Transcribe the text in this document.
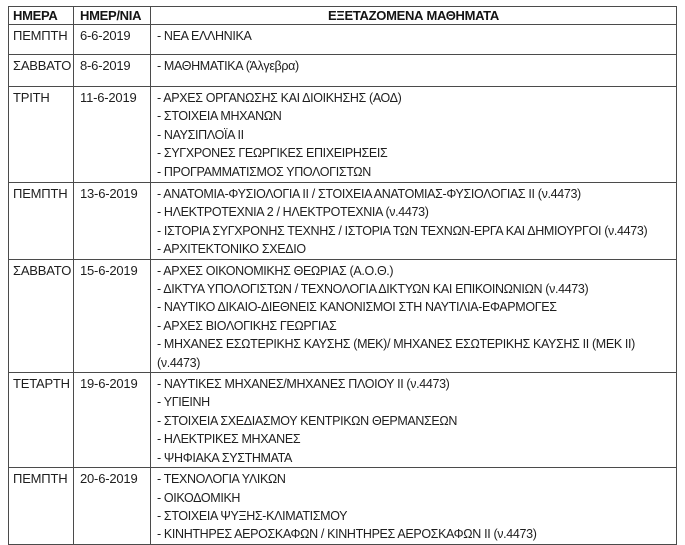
ΗΜΕΡΑ	ΗΜΕΡ/ΝΙΑ	ΕΞΕΤΑΖΟΜΕΝΑ ΜΑΘΗΜΑΤΑ
ΠΕΜΠΤΗ	6-6-2019	- ΝΕΑ ΕΛΛΗΝΙΚΑ

ΣΑΒΒΑΤΟ	8-6-2019	- ΜΑΘΗΜΑΤΙΚΑ (Άλγεβρα)

ΤΡΙΤΗ	11-6-2019	- ΑΡΧΕΣ ΟΡΓΑΝΩΣΗΣ ΚΑΙ ΔΙΟΙΚΗΣΗΣ (ΑΟΔ)
- ΣΤΟΙΧΕΙΑ ΜΗΧΑΝΩΝ
- ΝΑΥΣΙΠΛΟΪΑ ΙΙ
- ΣΥΓΧΡΟΝΕΣ ΓΕΩΡΓΙΚΕΣ ΕΠΙΧΕΙΡΗΣΕΙΣ
- ΠΡΟΓΡΑΜΜΑΤΙΣΜΟΣ ΥΠΟΛΟΓΙΣΤΩΝ

ΠΕΜΠΤΗ	13-6-2019	- ΑΝΑΤΟΜΙΑ-ΦΥΣΙΟΛΟΓΙΑ ΙΙ / ΣΤΟΙΧΕΙΑ ΑΝΑΤΟΜΙΑΣ-ΦΥΣΙΟΛΟΓΙΑΣ ΙΙ (ν.4473)
- ΗΛΕΚΤΡΟΤΕΧΝΙΑ 2 / ΗΛΕΚΤΡΟΤΕΧΝΙΑ (ν.4473)
- ΙΣΤΟΡΙΑ ΣΥΓΧΡΟΝΗΣ ΤΕΧΝΗΣ / ΙΣΤΟΡΙΑ ΤΩΝ ΤΕΧΝΩΝ-ΕΡΓΑ ΚΑΙ ΔΗΜΙΟΥΡΓΟΙ (ν.4473)
- ΑΡΧΙΤΕΚΤΟΝΙΚΟ ΣΧΕΔΙΟ

ΣΑΒΒΑΤΟ	15-6-2019	- ΑΡΧΕΣ ΟΙΚΟΝΟΜΙΚΗΣ ΘΕΩΡΙΑΣ (Α.Ο.Θ.)
- ΔΙΚΤΥΑ ΥΠΟΛΟΓΙΣΤΩΝ / ΤΕΧΝΟΛΟΓΙΑ ΔΙΚΤΥΩΝ ΚΑΙ ΕΠΙΚΟΙΝΩΝΙΩΝ (ν.4473)
- ΝΑΥΤΙΚΟ ΔΙΚΑΙΟ-ΔΙΕΘΝΕΙΣ ΚΑΝΟΝΙΣΜΟΙ ΣΤΗ ΝΑΥΤΙΛΙΑ-ΕΦΑΡΜΟΓΕΣ
- ΑΡΧΕΣ ΒΙΟΛΟΓΙΚΗΣ ΓΕΩΡΓΙΑΣ
- ΜΗΧΑΝΕΣ ΕΣΩΤΕΡΙΚΗΣ ΚΑΥΣΗΣ (ΜΕΚ)/ ΜΗΧΑΝΕΣ ΕΣΩΤΕΡΙΚΗΣ ΚΑΥΣΗΣ ΙΙ (ΜΕΚ ΙΙ) (ν.4473)

ΤΕΤΑΡΤΗ	19-6-2019	- ΝΑΥΤΙΚΕΣ ΜΗΧΑΝΕΣ/ΜΗΧΑΝΕΣ ΠΛΟΙΟΥ ΙΙ (ν.4473)
- ΥΓΙΕΙΝΗ
- ΣΤΟΙΧΕΙΑ ΣΧΕΔΙΑΣΜΟΥ ΚΕΝΤΡΙΚΩΝ ΘΕΡΜΑΝΣΕΩΝ
- ΗΛΕΚΤΡΙΚΕΣ ΜΗΧΑΝΕΣ
- ΨΗΦΙΑΚΑ ΣΥΣΤΗΜΑΤΑ

ΠΕΜΠΤΗ	20-6-2019	- ΤΕΧΝΟΛΟΓΙΑ ΥΛΙΚΩΝ
- ΟΙΚΟΔΟΜΙΚΗ
- ΣΤΟΙΧΕΙΑ ΨΥΞΗΣ-ΚΛΙΜΑΤΙΣΜΟΥ
- ΚΙΝΗΤΗΡΕΣ ΑΕΡΟΣΚΑΦΩΝ / ΚΙΝΗΤΗΡΕΣ ΑΕΡΟΣΚΑΦΩΝ ΙΙ (ν.4473)
